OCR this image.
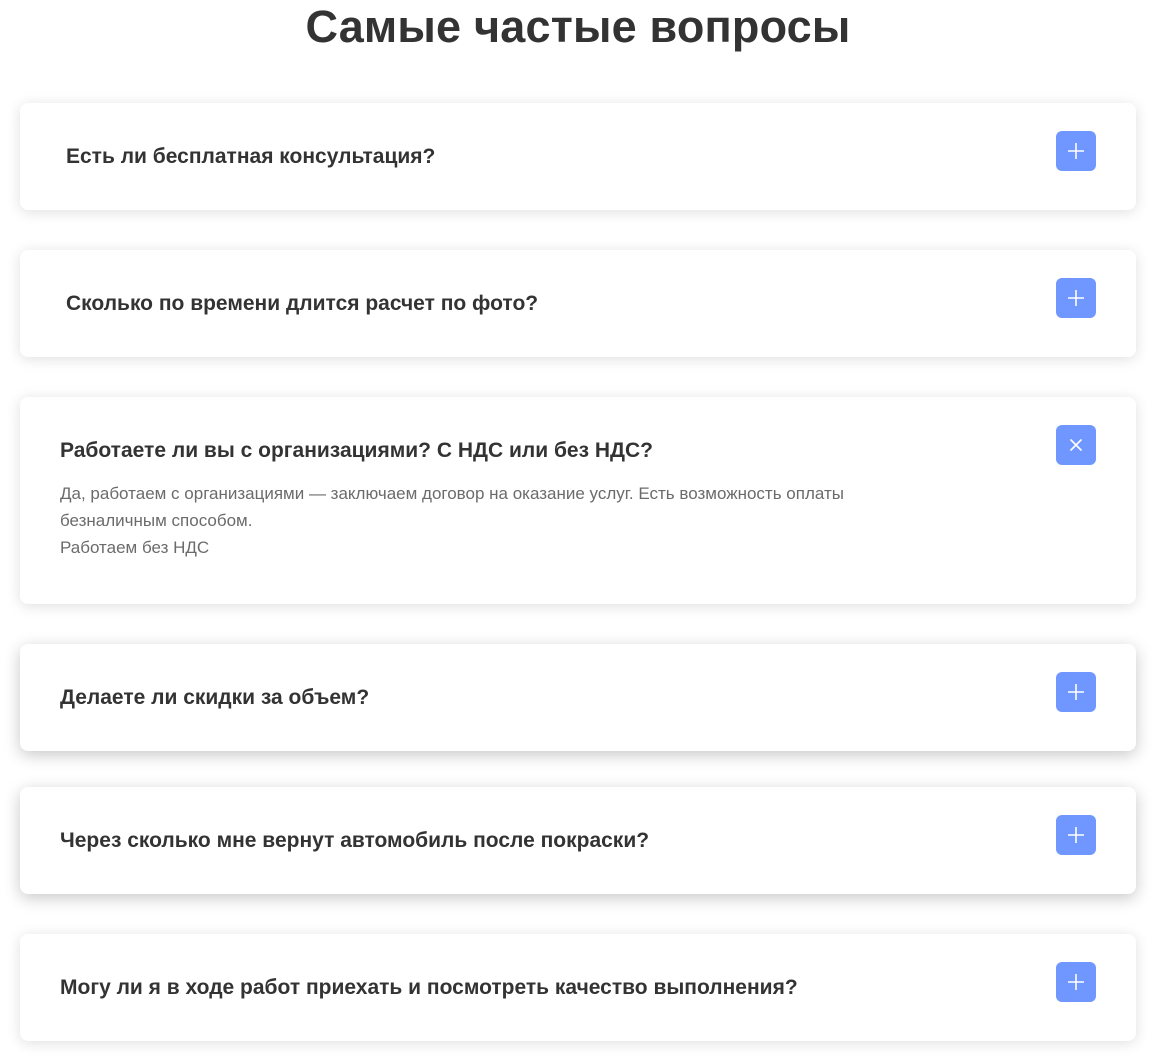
Самые частые вопросы
Есть ли бесплатная консультация?
Сколько по времени длится расчет по фото?
Работаете ли вы с организациями? С НДС или без НДС?

Да, работаем с организациями — заключаем договор на оказание услуг. Есть возможность оплаты безналичным способом.

Работаем без НДС

Делаете ли скидки за объем?
Через сколько мне вернут автомобиль после покраски?
Могу ли я в ходе работ приехать и посмотреть качество выполнения?
